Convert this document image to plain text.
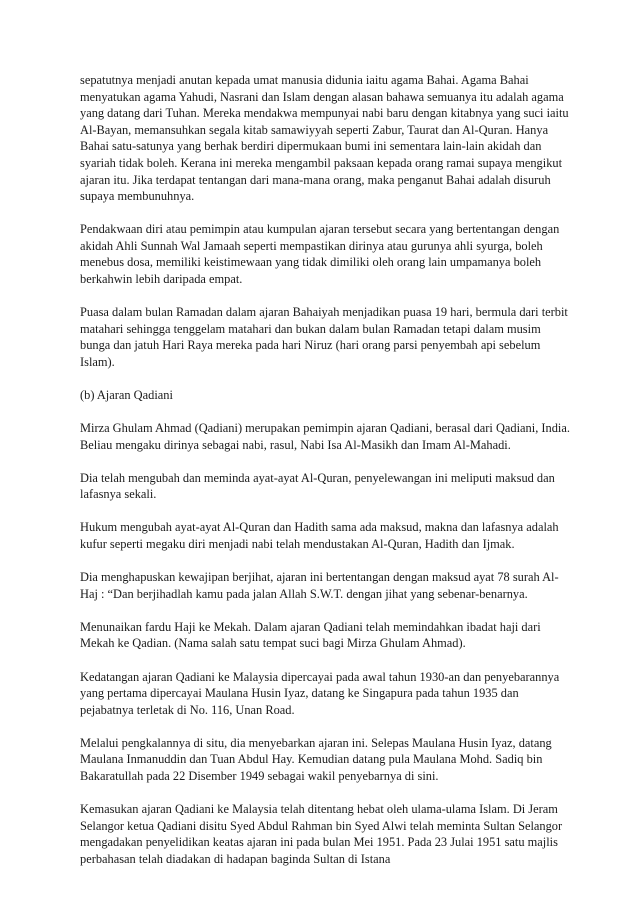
sepatutnya menjadi anutan kepada umat manusia didunia iaitu agama Bahai. Agama Bahai menyatukan agama Yahudi, Nasrani dan Islam dengan alasan bahawa semuanya itu adalah agama yang datang dari Tuhan. Mereka mendakwa mempunyai nabi baru dengan kitabnya yang suci iaitu Al-Bayan, memansuhkan segala kitab samawiyyah seperti Zabur, Taurat dan Al-Quran. Hanya Bahai satu-satunya yang berhak berdiri dipermukaan bumi ini sementara lain-lain akidah dan syariah tidak boleh. Kerana ini mereka mengambil paksaan kepada orang ramai supaya mengikut ajaran itu. Jika terdapat tentangan dari mana-mana orang, maka penganut Bahai adalah disuruh supaya membunuhnya.

Pendakwaan diri atau pemimpin atau kumpulan ajaran tersebut secara yang bertentangan dengan akidah Ahli Sunnah Wal Jamaah seperti mempastikan dirinya atau gurunya ahli syurga, boleh menebus dosa, memiliki keistimewaan yang tidak dimiliki oleh orang lain umpamanya boleh berkahwin lebih daripada empat.

Puasa dalam bulan Ramadan dalam ajaran Bahaiyah menjadikan puasa 19 hari, bermula dari terbit matahari sehingga tenggelam matahari dan bukan dalam bulan Ramadan tetapi dalam musim bunga dan jatuh Hari Raya mereka pada hari Niruz (hari orang parsi penyembah api sebelum Islam).

(b) Ajaran Qadiani

Mirza Ghulam Ahmad (Qadiani) merupakan pemimpin ajaran Qadiani, berasal dari Qadiani, India. Beliau mengaku dirinya sebagai nabi, rasul, Nabi Isa Al-Masikh dan Imam Al-Mahadi.

Dia telah mengubah dan meminda ayat-ayat Al-Quran, penyelewangan ini meliputi maksud dan lafasnya sekali.

Hukum mengubah ayat-ayat Al-Quran dan Hadith sama ada maksud, makna dan lafasnya adalah kufur seperti megaku diri menjadi nabi telah mendustakan Al-Quran, Hadith dan Ijmak.

Dia menghapuskan kewajipan berjihat, ajaran ini bertentangan dengan maksud ayat 78 surah Al-Haj : “Dan berjihadlah kamu pada jalan Allah S.W.T. dengan jihat yang sebenar-benarnya.

Menunaikan fardu Haji ke Mekah. Dalam ajaran Qadiani telah memindahkan ibadat haji dari Mekah ke Qadian. (Nama salah satu tempat suci bagi Mirza Ghulam Ahmad).

Kedatangan ajaran Qadiani ke Malaysia dipercayai pada awal tahun 1930-an dan penyebarannya yang pertama dipercayai Maulana Husin Iyaz, datang ke Singapura pada tahun 1935 dan pejabatnya terletak di No. 116, Unan Road.

Melalui pengkalannya di situ, dia menyebarkan ajaran ini. Selepas Maulana Husin Iyaz, datang Maulana Inmanuddin dan Tuan Abdul Hay. Kemudian datang pula Maulana Mohd. Sadiq bin Bakaratullah pada 22 Disember 1949 sebagai wakil penyebarnya di sini.

Kemasukan ajaran Qadiani ke Malaysia telah ditentang hebat oleh ulama-ulama Islam. Di Jeram Selangor ketua Qadiani disitu Syed Abdul Rahman bin Syed Alwi telah meminta Sultan Selangor mengadakan penyelidikan keatas ajaran ini pada bulan Mei 1951. Pada 23 Julai 1951 satu majlis perbahasan telah diadakan di hadapan baginda Sultan di Istana
